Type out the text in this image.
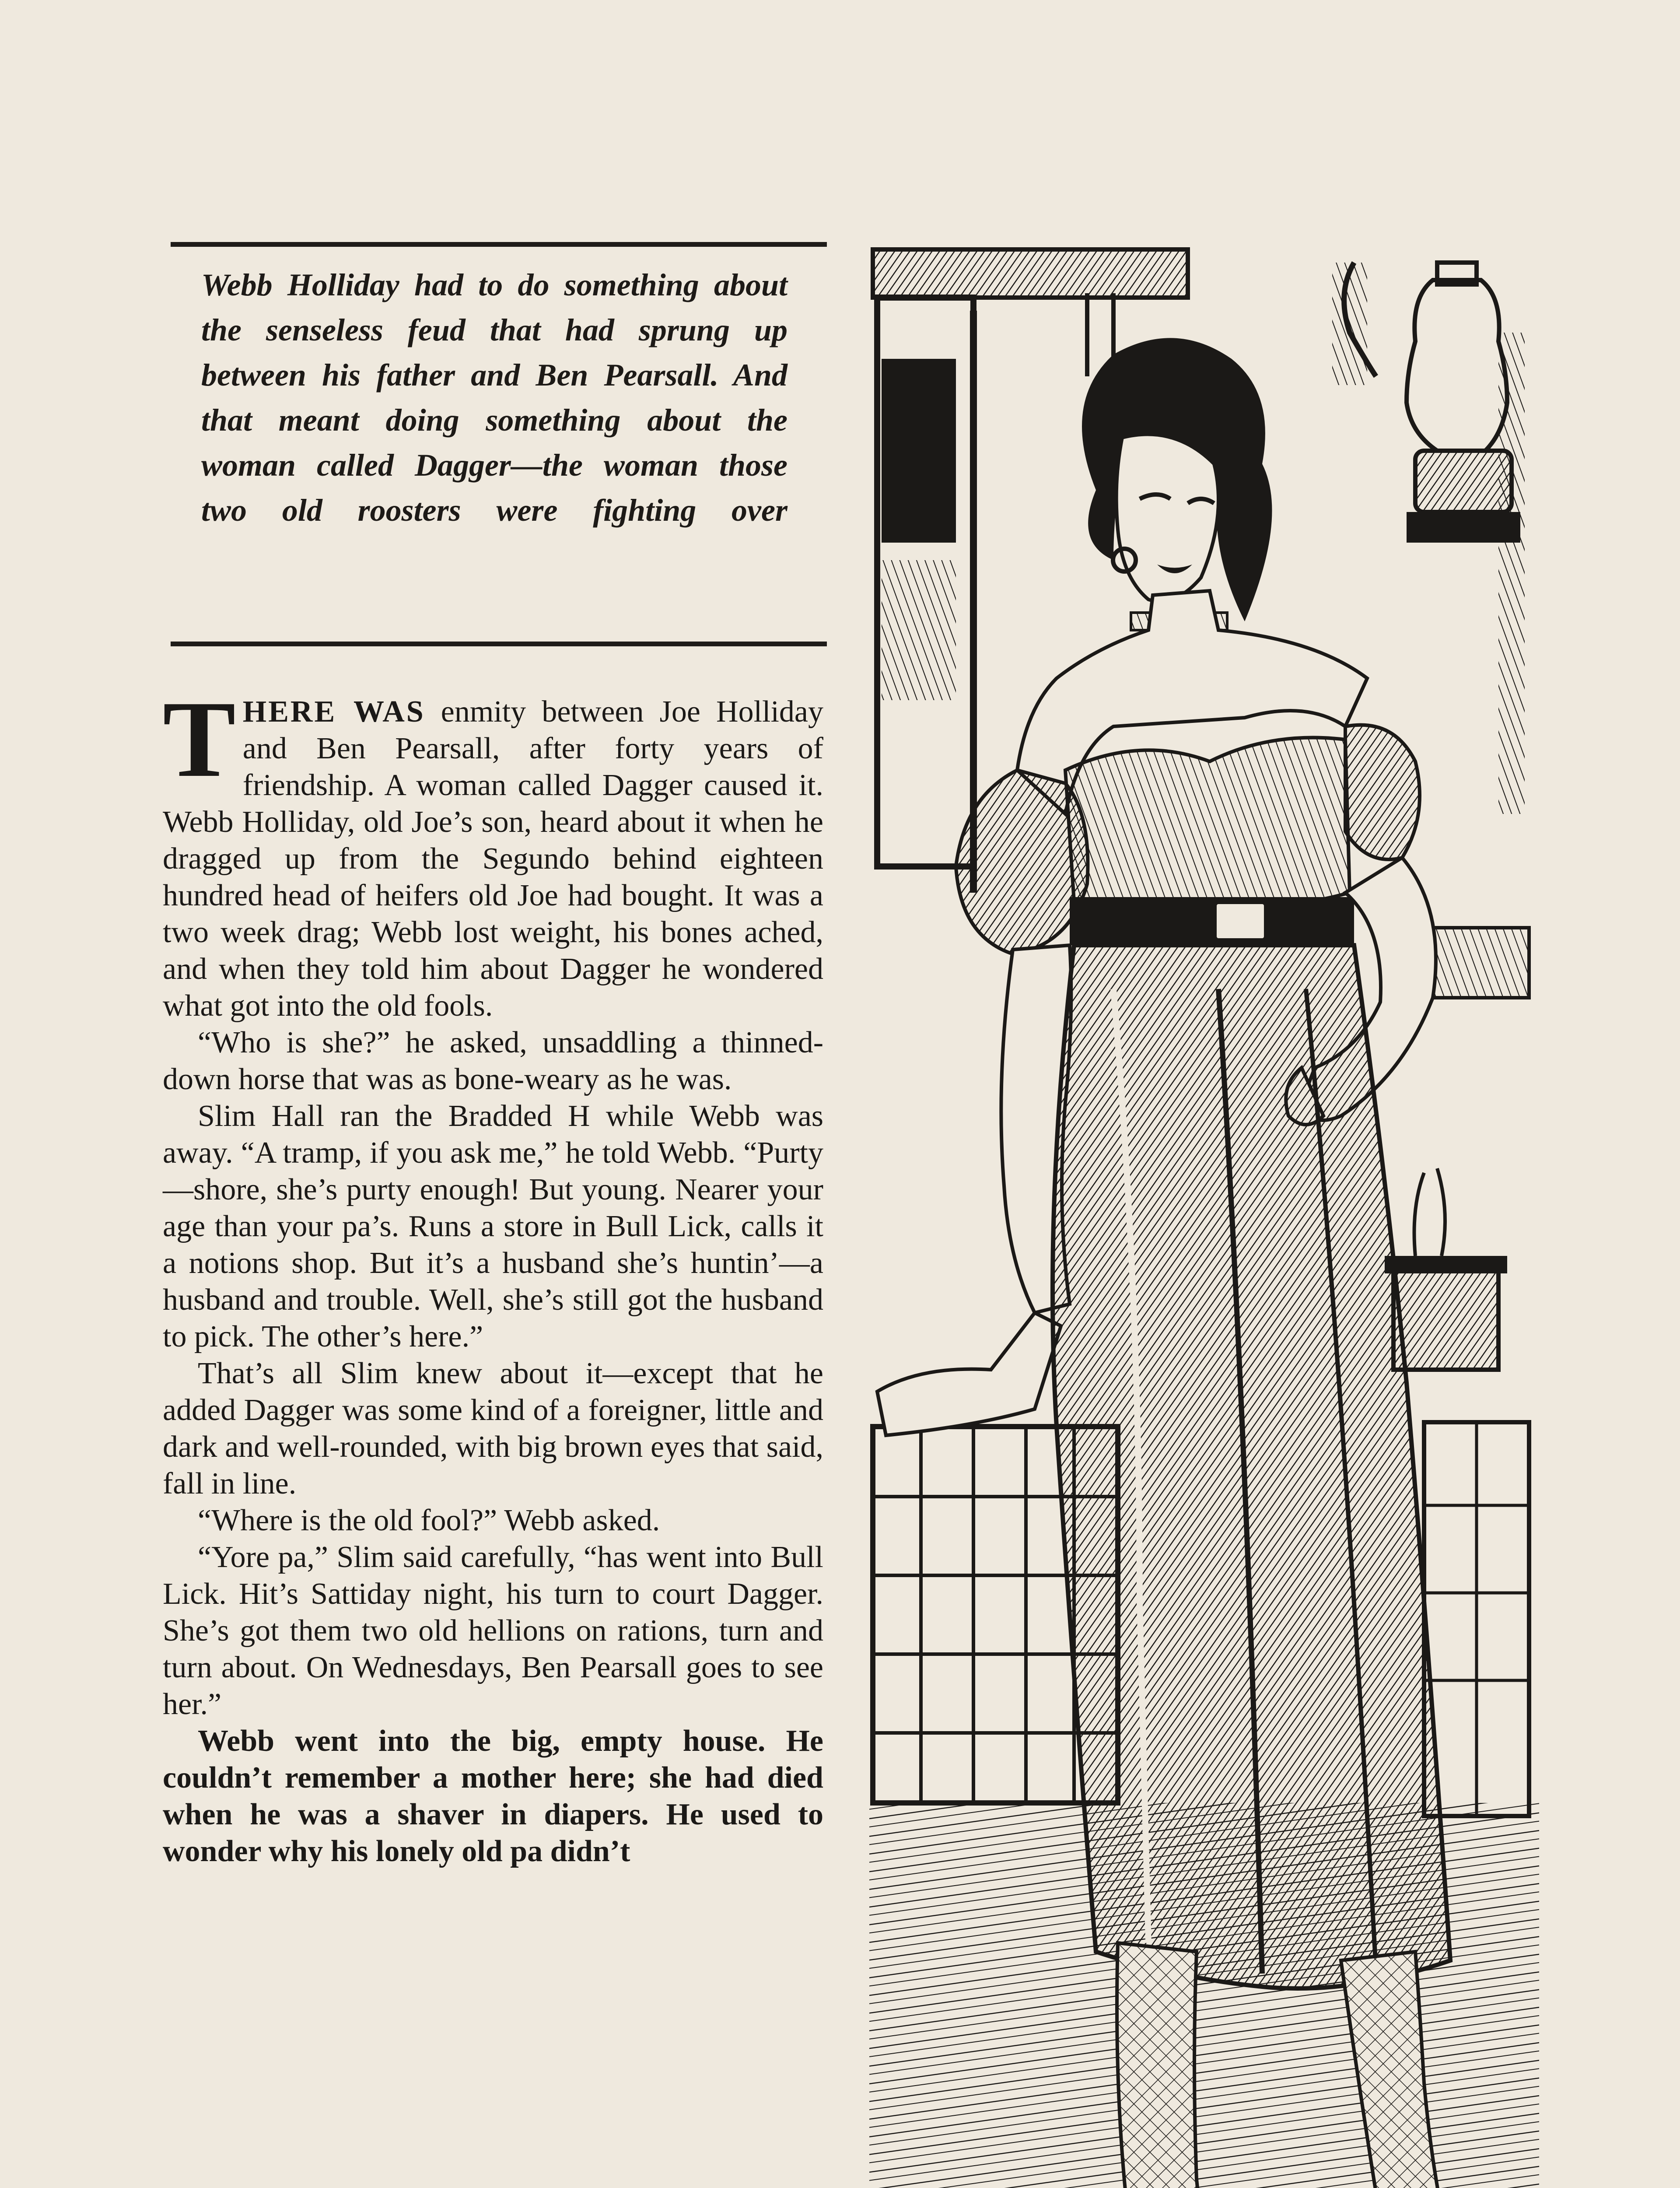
Webb Holliday had to do something about the senseless feud that had sprung up between his father and Ben Pearsall. And that meant doing something about the woman called Dagger—the woman those two old roosters were fighting over

THERE WAS enmity between Joe Holliday and Ben Pearsall, after forty years of friendship. A woman called Dagger caused it. Webb Holliday, old Joe’s son, heard about it when he dragged up from the Segundo behind eighteen hundred head of heifers old Joe had bought. It was a two week drag; Webb lost weight, his bones ached, and when they told him about Dagger he wondered what got into the old fools.

“Who is she?” he asked, unsaddling a thinned-down horse that was as bone-weary as he was.

Slim Hall ran the Bradded H while Webb was away. “A tramp, if you ask me,” he told Webb. “Purty—shore, she’s purty enough! But young. Nearer your age than your pa’s. Runs a store in Bull Lick, calls it a notions shop. But it’s a husband she’s huntin’—a husband and trouble. Well, she’s still got the husband to pick. The other’s here.”

That’s all Slim knew about it—except that he added Dagger was some kind of a foreigner, little and dark and well-rounded, with big brown eyes that said, fall in line.

“Where is the old fool?” Webb asked.

“Yore pa,” Slim said carefully, “has went into Bull Lick. Hit’s Sattiday night, his turn to court Dagger. She’s got them two old hellions on rations, turn and turn about. On Wednesdays, Ben Pearsall goes to see her.”

Webb went into the big, empty house. He couldn’t remember a mother here; she had died when he was a shaver in diapers. He used to wonder why his lonely old pa didn’t
